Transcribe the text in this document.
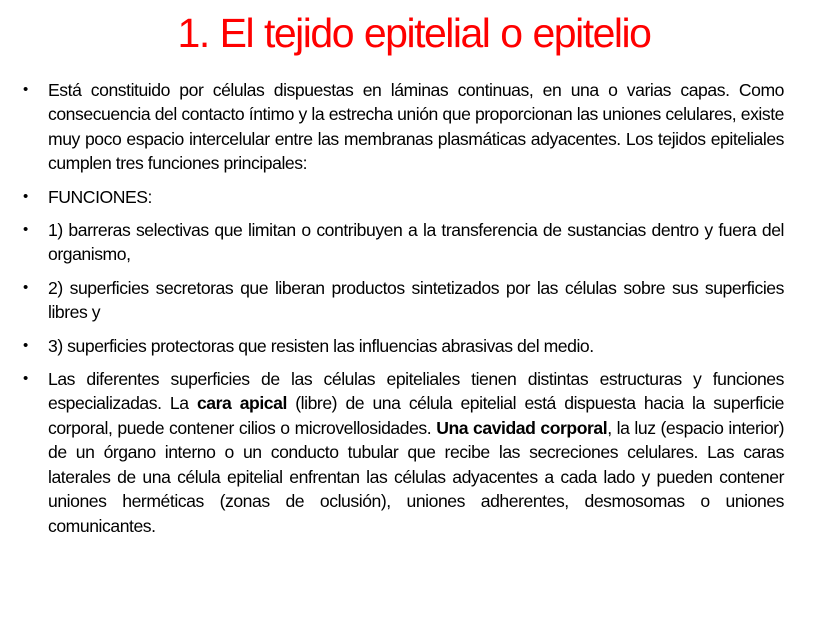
1. El tejido epitelial o epitelio
• Está constituido por células dispuestas en láminas continuas, en una o varias capas. Como consecuencia del contacto íntimo y la estrecha unión que proporcionan las uniones celulares, existe muy poco espacio intercelular entre las membranas plasmáticas adyacentes. Los tejidos epiteliales cumplen tres funciones principales:
• FUNCIONES:
• 1) barreras selectivas que limitan o contribuyen a la transferencia de sustancias dentro y fuera del organismo,
• 2) superficies secretoras que liberan productos sintetizados por las células sobre sus superficies libres y
• 3) superficies protectoras que resisten las influencias abrasivas del medio.
• Las diferentes superficies de las células epiteliales tienen distintas estructuras y funciones especializadas. La cara apical (libre) de una célula epitelial está dispuesta hacia la superficie corporal, puede contener cilios o microvellosidades. Una cavidad corporal, la luz (espacio interior) de un órgano interno o un conducto tubular que recibe las secreciones celulares. Las caras laterales de una célula epitelial enfrentan las células adyacentes a cada lado y pueden contener uniones herméticas (zonas de oclusión), uniones adherentes, desmosomas o uniones comunicantes.
